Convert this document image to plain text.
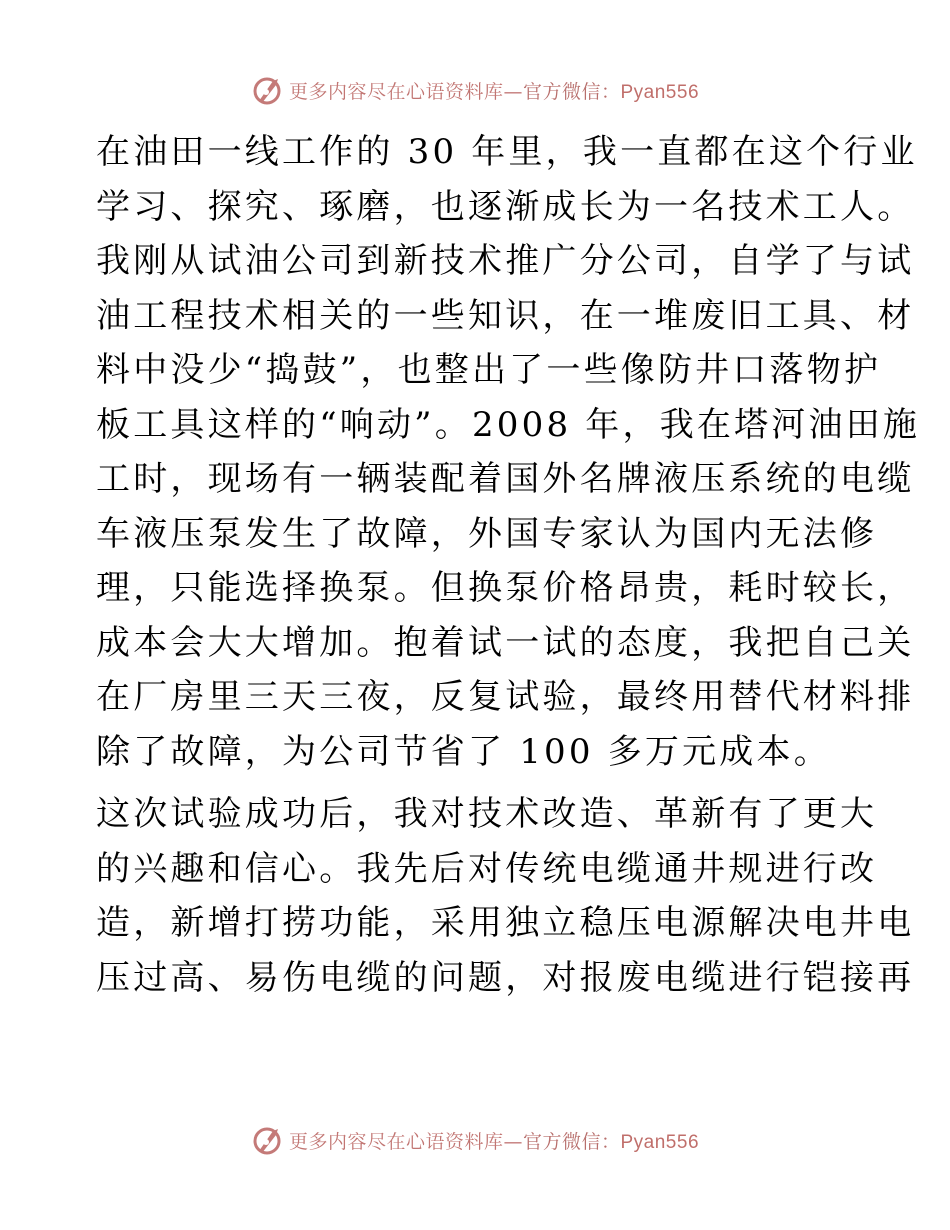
更多内容尽在心语资料库—官方微信：Pyan556

在油田一线工作的 30 年里，我一直都在这个行业
学习、探究、琢磨，也逐渐成长为一名技术工人。
我刚从试油公司到新技术推广分公司，自学了与试
油工程技术相关的一些知识，在一堆废旧工具、材
料中没少“捣鼓”，也整出了一些像防井口落物护
板工具这样的“响动”。2008 年，我在塔河油田施
工时，现场有一辆装配着国外名牌液压系统的电缆
车液压泵发生了故障，外国专家认为国内无法修
理，只能选择换泵。但换泵价格昂贵，耗时较长，
成本会大大增加。抱着试一试的态度，我把自己关
在厂房里三天三夜，反复试验，最终用替代材料排
除了故障，为公司节省了 100 多万元成本。

这次试验成功后，我对技术改造、革新有了更大
的兴趣和信心。我先后对传统电缆通井规进行改
造，新增打捞功能，采用独立稳压电源解决电井电
压过高、易伤电缆的问题，对报废电缆进行铠接再

更多内容尽在心语资料库—官方微信：Pyan556
